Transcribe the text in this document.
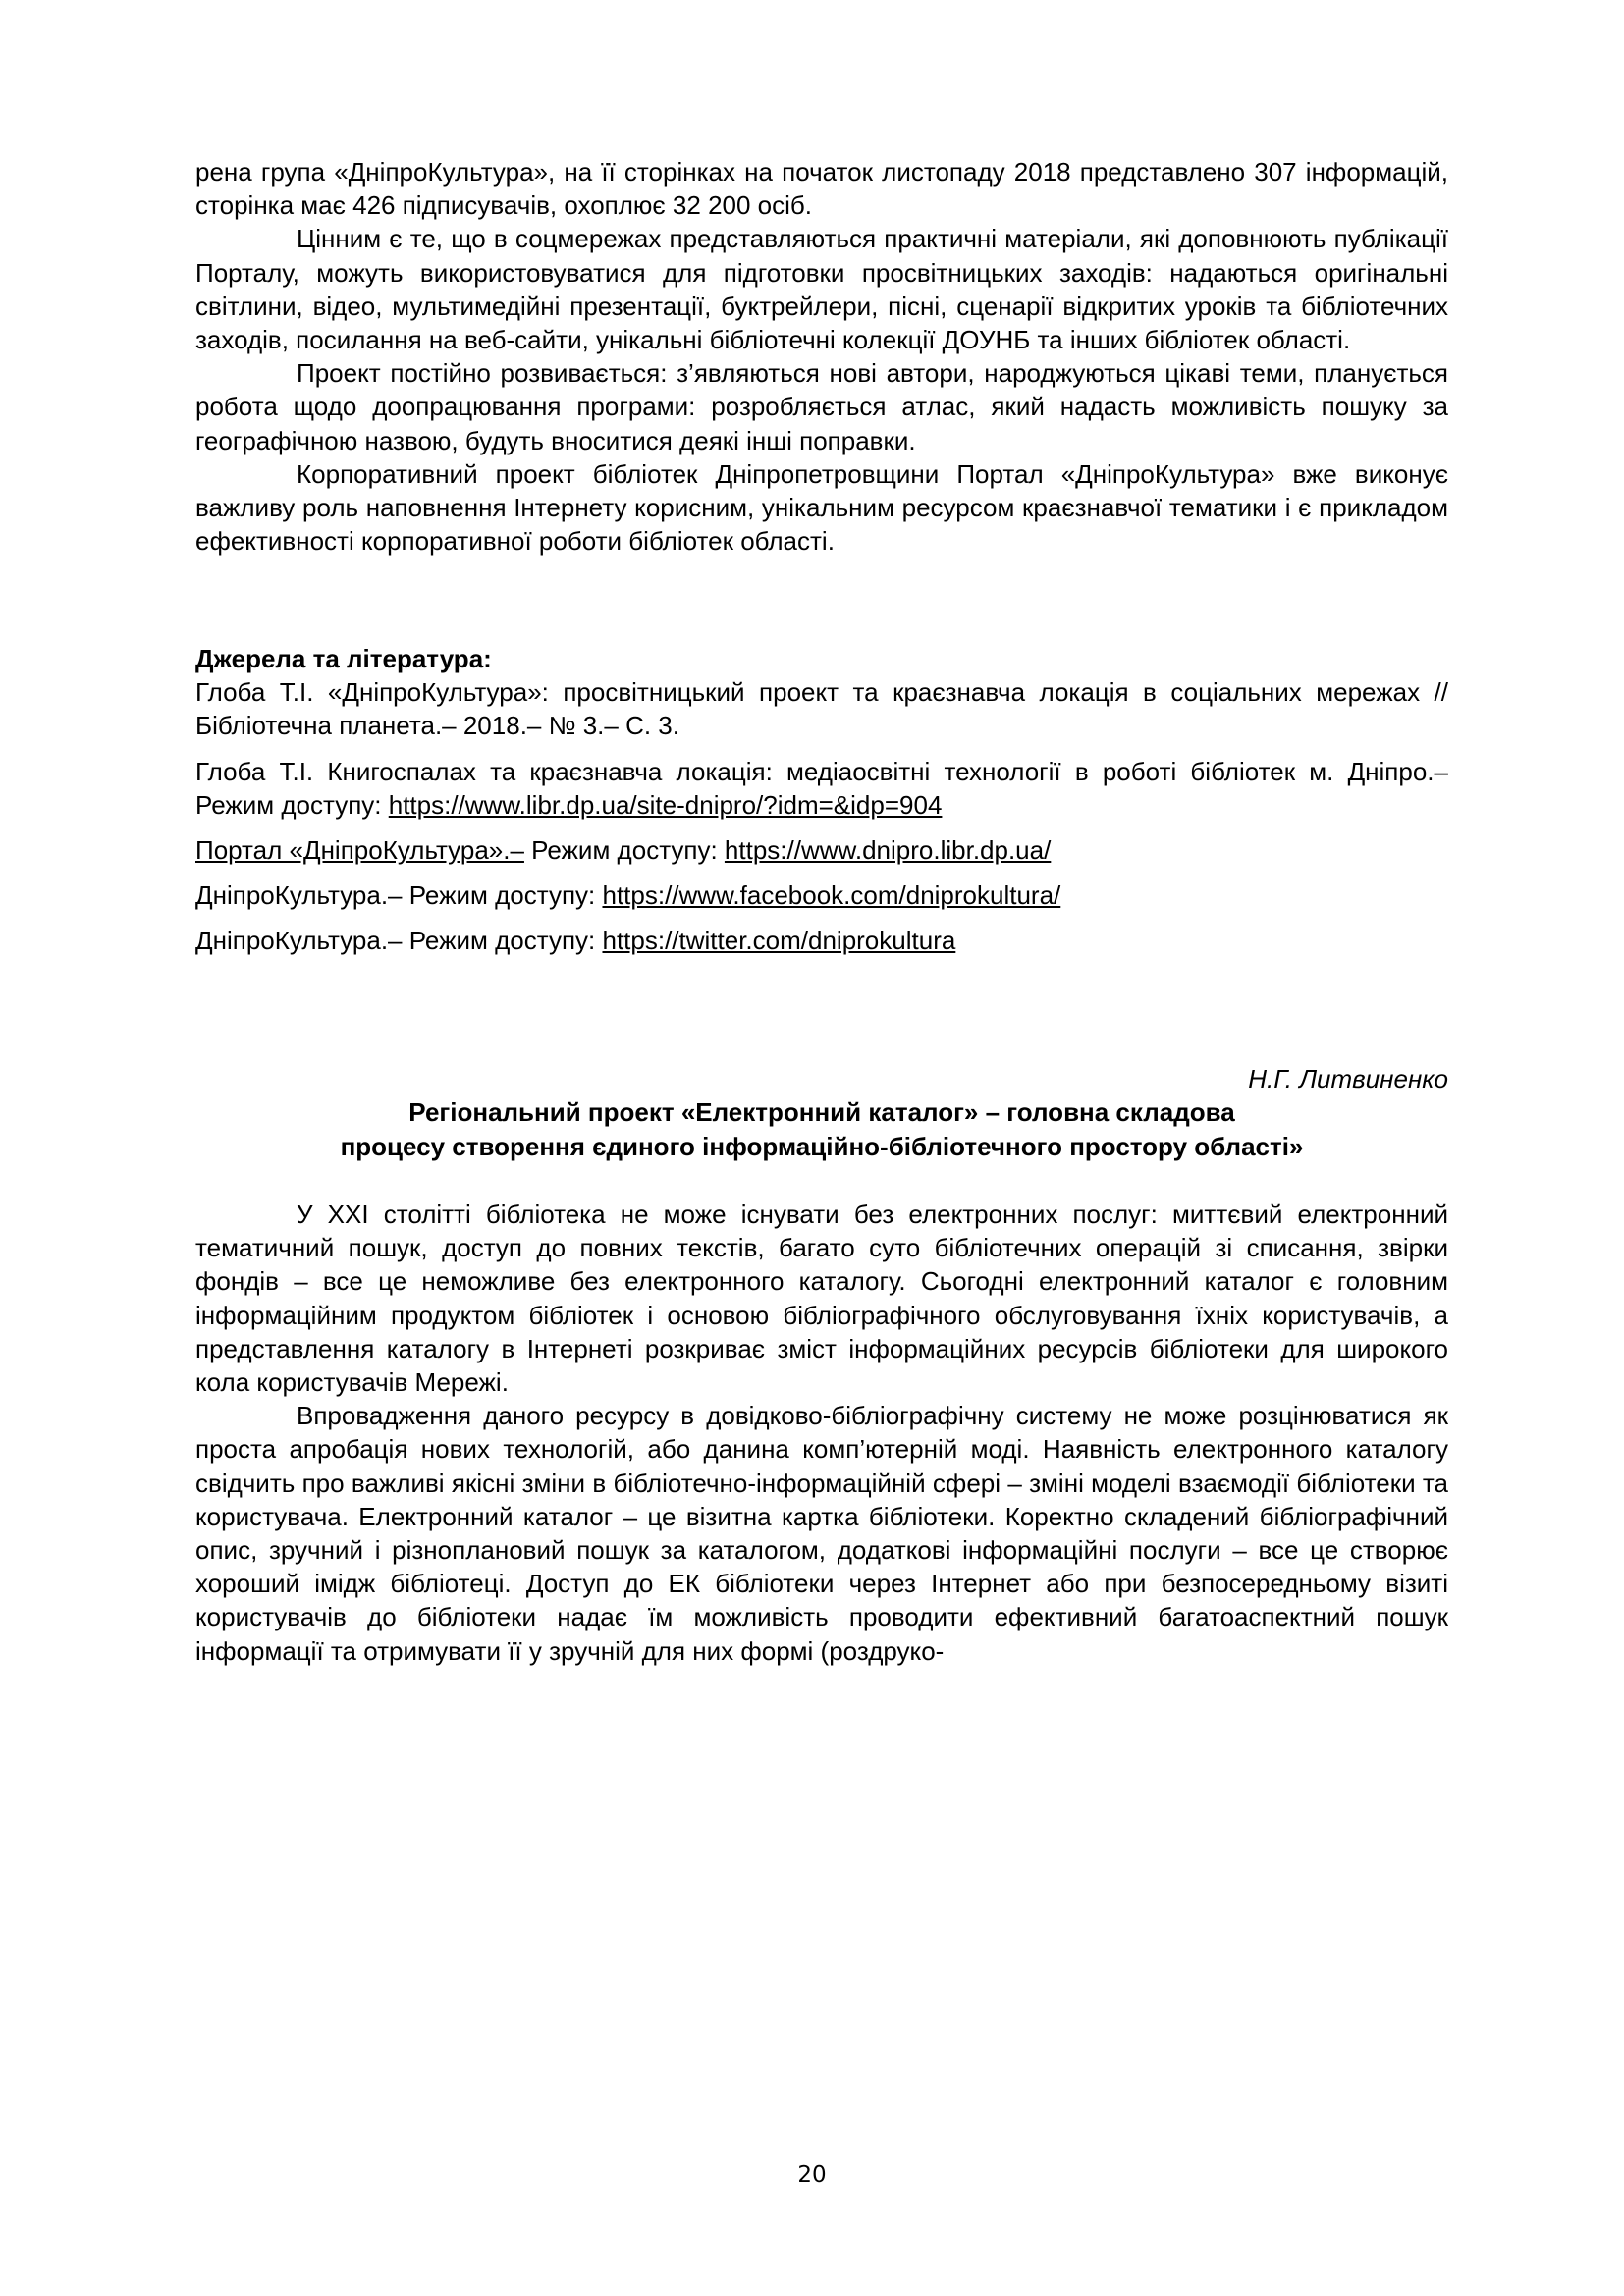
рена група «ДніпроКультура», на її сторінках на початок листопаду 2018 представлено 307 інформацій, сторінка має 426 підписувачів, охоплює 32 200 осіб.

Цінним є те, що в соцмережах представляються практичні матеріали, які доповнюють публікації Порталу, можуть використовуватися для підготовки просвітницьких заходів: надаються оригінальні світлини, відео, мультимедійні презентації, буктрейлери, пісні, сценарії відкритих уроків та бібліотечних заходів, посилання на веб-сайти, унікальні бібліотечні колекції ДОУНБ та інших бібліотек області.

Проект постійно розвивається: з’являються нові автори, народжуються цікаві теми, планується робота щодо доопрацювання програми: розробляється атлас, який надасть можливість пошуку за географічною назвою, будуть вноситися деякі інші поправки.

Корпоративний проект бібліотек Дніпропетровщини Портал «ДніпроКультура» вже виконує важливу роль наповнення Інтернету корисним, унікальним ресурсом краєзнавчої тематики і є прикладом ефективності корпоративної роботи бібліотек області.

Джерела та література:

Глоба Т.І. «ДніпроКультура»: просвітницький проект та краєзнавча локація в соціальних мережах // Бібліотечна планета.– 2018.– № 3.– С. 3.

Глоба Т.І. Книгоспалах та краєзнавча локація: медіаосвітні технології в роботі бібліотек м. Дніпро.– Режим доступу: https://www.libr.dp.ua/site-dnipro/?idm=&idp=904

Портал «ДніпроКультура».– Режим доступу: https://www.dnipro.libr.dp.ua/

ДніпроКультура.– Режим доступу: https://www.facebook.com/dniprokultura/

ДніпроКультура.– Режим доступу: https://twitter.com/dniprokultura

Н.Г. Литвиненко
Регіональний проект «Електронний каталог» – головна складова
процесу створення єдиного інформаційно-бібліотечного простору області»

У XXI столітті бібліотека не може існувати без електронних послуг: миттєвий електронний тематичний пошук, доступ до повних текстів, багато суто бібліотечних операцій зі списання, звірки фондів – все це неможливе без електронного каталогу. Сьогодні електронний каталог є головним інформаційним продуктом бібліотек і основою бібліографічного обслуговування їхніх користувачів, а представлення каталогу в Інтернеті розкриває зміст інформаційних ресурсів бібліотеки для широкого кола користувачів Мережі.

Впровадження даного ресурсу в довідково-бібліографічну систему не може розцінюватися як проста апробація нових технологій, або данина комп’ютерній моді. Наявність електронного каталогу свідчить про важливі якісні зміни в бібліотечно-інформаційній сфері – зміні моделі взаємодії бібліотеки та користувача. Електронний каталог – це візитна картка бібліотеки. Коректно складений бібліографічний опис, зручний і різноплановий пошук за каталогом, додаткові інформаційні послуги – все це створює хороший імідж бібліотеці. Доступ до ЕК бібліотеки через Інтернет або при безпосередньому візиті користувачів до бібліотеки надає їм можливість проводити ефективний багатоаспектний пошук інформації та отримувати її у зручній для них формі (роздруко-

20
